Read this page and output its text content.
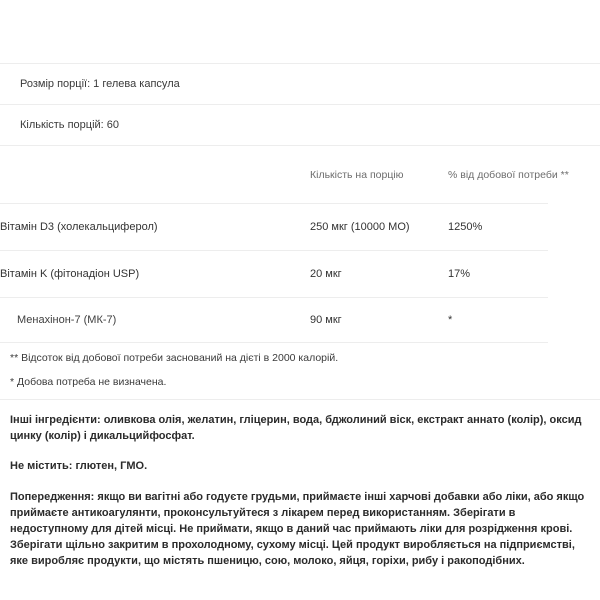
Розмір порції: 1 гелева капсула
Кількість порцій: 60
	Кількість на порцію	% від добової потреби **

Вітамін D3 (холекальциферол)	250 мкг (10000 МО)	1250%

Вітамін K (фітонадіон USP)	20 мкг	17%

Менахінон-7 (МК-7)	90 мкг	*

** Відсоток від добової потреби заснований на дієті в 2000 калорій.

* Добова потреба не визначена.

Інші інгредієнти: оливкова олія, желатин, гліцерин, вода, бджолиний віск, екстракт аннато (колір), оксид цинку (колір) і дикальцийфосфат.

Не містить: глютен, ГМО.

Попередження: якщо ви вагітні або годуєте грудьми, приймаєте інші харчові добавки або ліки, або якщо приймаєте антикоагулянти, проконсультуйтеся з лікарем перед використанням. Зберігати в недоступному для дітей місці. Не приймати, якщо в даний час приймають ліки для розрідження крові. Зберігати щільно закритим в прохолодному, сухому місці. Цей продукт виробляється на підприємстві, яке виробляє продукти, що містять пшеницю, сою, молоко, яйця, горіхи, рибу і ракоподібних.
